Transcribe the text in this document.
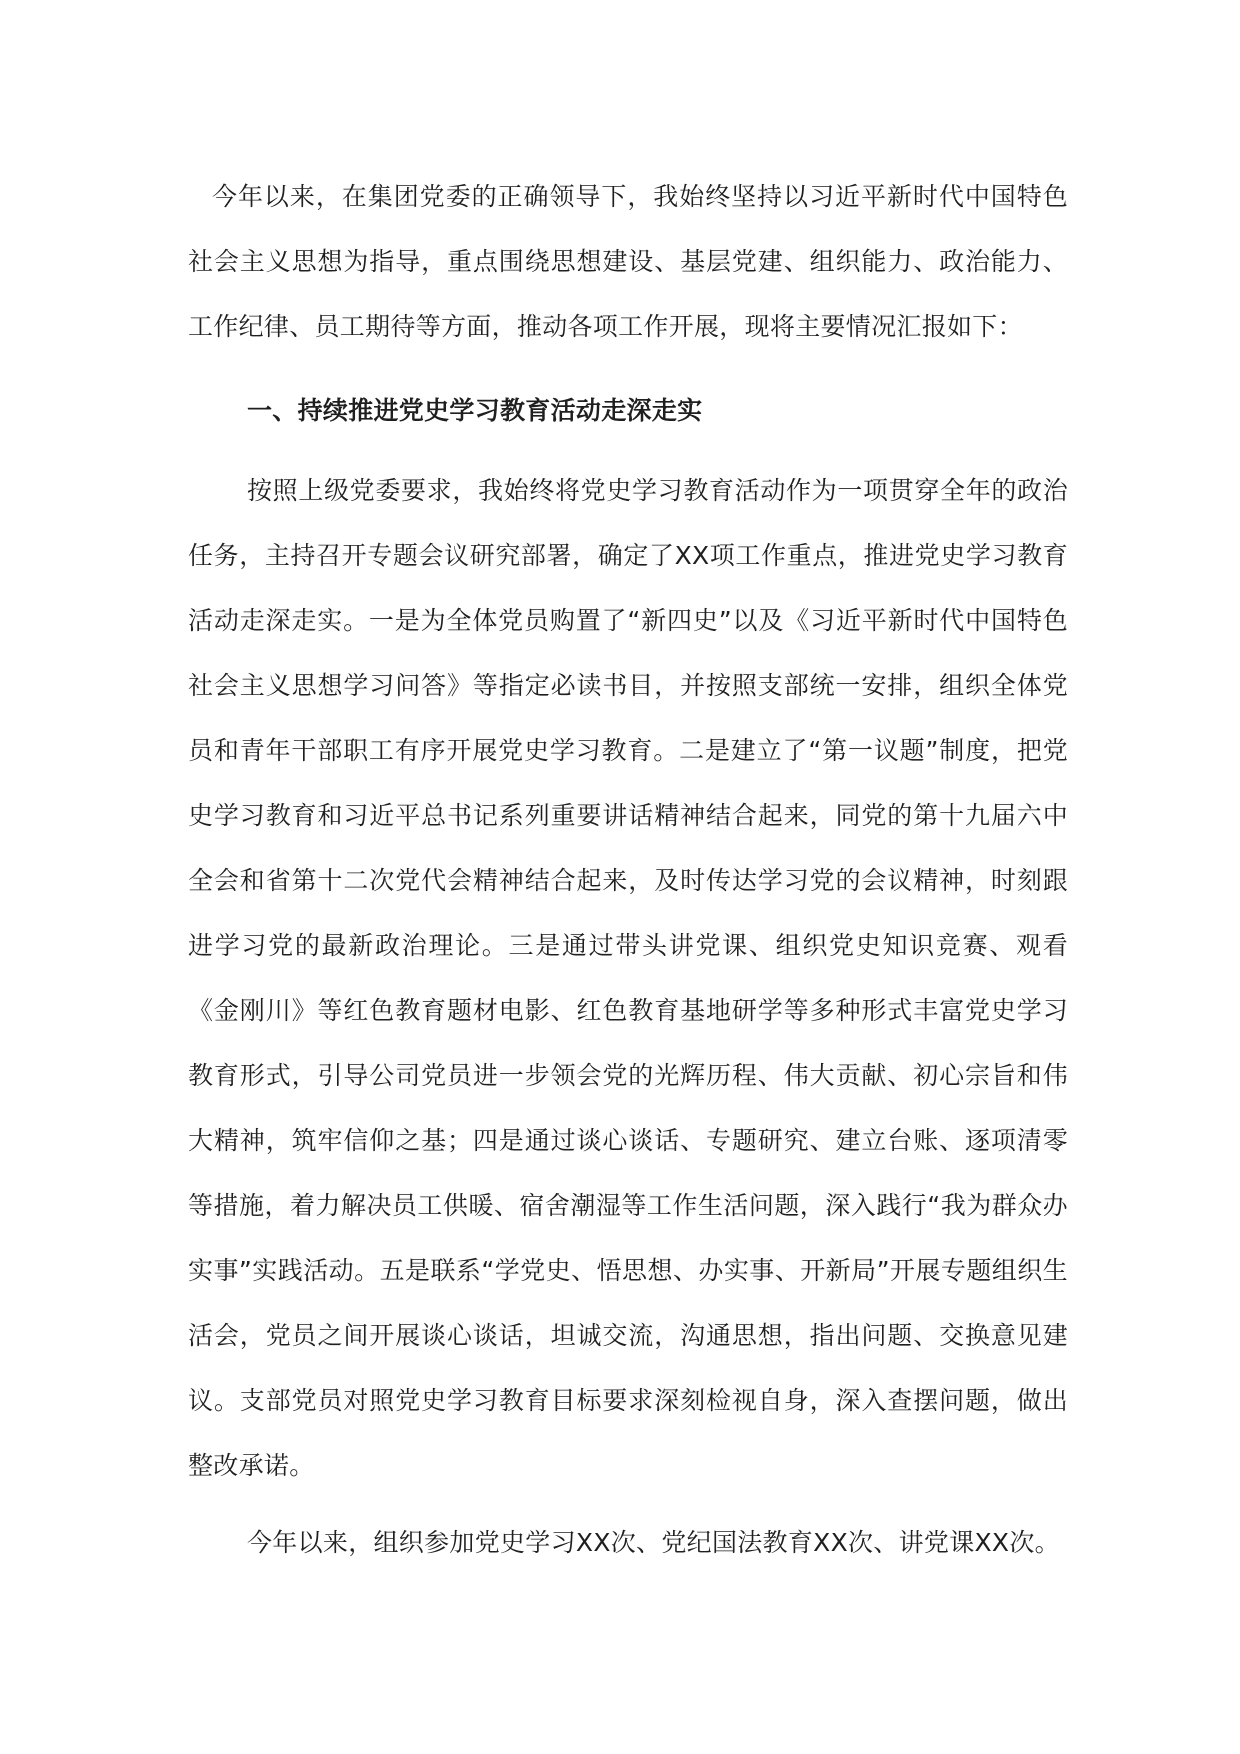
今年以来，在集团党委的正确领导下，我始终坚持以习近平新时代中国特色社会主义思想为指导，重点围绕思想建设、基层党建、组织能力、政治能力、工作纪律、员工期待等方面，推动各项工作开展，现将主要情况汇报如下：

一、持续推进党史学习教育活动走深走实

按照上级党委要求，我始终将党史学习教育活动作为一项贯穿全年的政治任务，主持召开专题会议研究部署，确定了XX项工作重点，推进党史学习教育活动走深走实。一是为全体党员购置了“新四史”以及《习近平新时代中国特色社会主义思想学习问答》等指定必读书目，并按照支部统一安排，组织全体党员和青年干部职工有序开展党史学习教育。二是建立了“第一议题”制度，把党史学习教育和习近平总书记系列重要讲话精神结合起来，同党的第十九届六中全会和省第十二次党代会精神结合起来，及时传达学习党的会议精神，时刻跟进学习党的最新政治理论。三是通过带头讲党课、组织党史知识竞赛、观看《金刚川》等红色教育题材电影、红色教育基地研学等多种形式丰富党史学习教育形式，引导公司党员进一步领会党的光辉历程、伟大贡献、初心宗旨和伟大精神，筑牢信仰之基；四是通过谈心谈话、专题研究、建立台账、逐项清零等措施，着力解决员工供暖、宿舍潮湿等工作生活问题，深入践行“我为群众办实事”实践活动。五是联系“学党史、悟思想、办实事、开新局”开展专题组织生活会，党员之间开展谈心谈话，坦诚交流，沟通思想，指出问题、交换意见建议。支部党员对照党史学习教育目标要求深刻检视自身，深入查摆问题，做出整改承诺。

今年以来，组织参加党史学习XX次、党纪国法教育XX次、讲党课XX次。
